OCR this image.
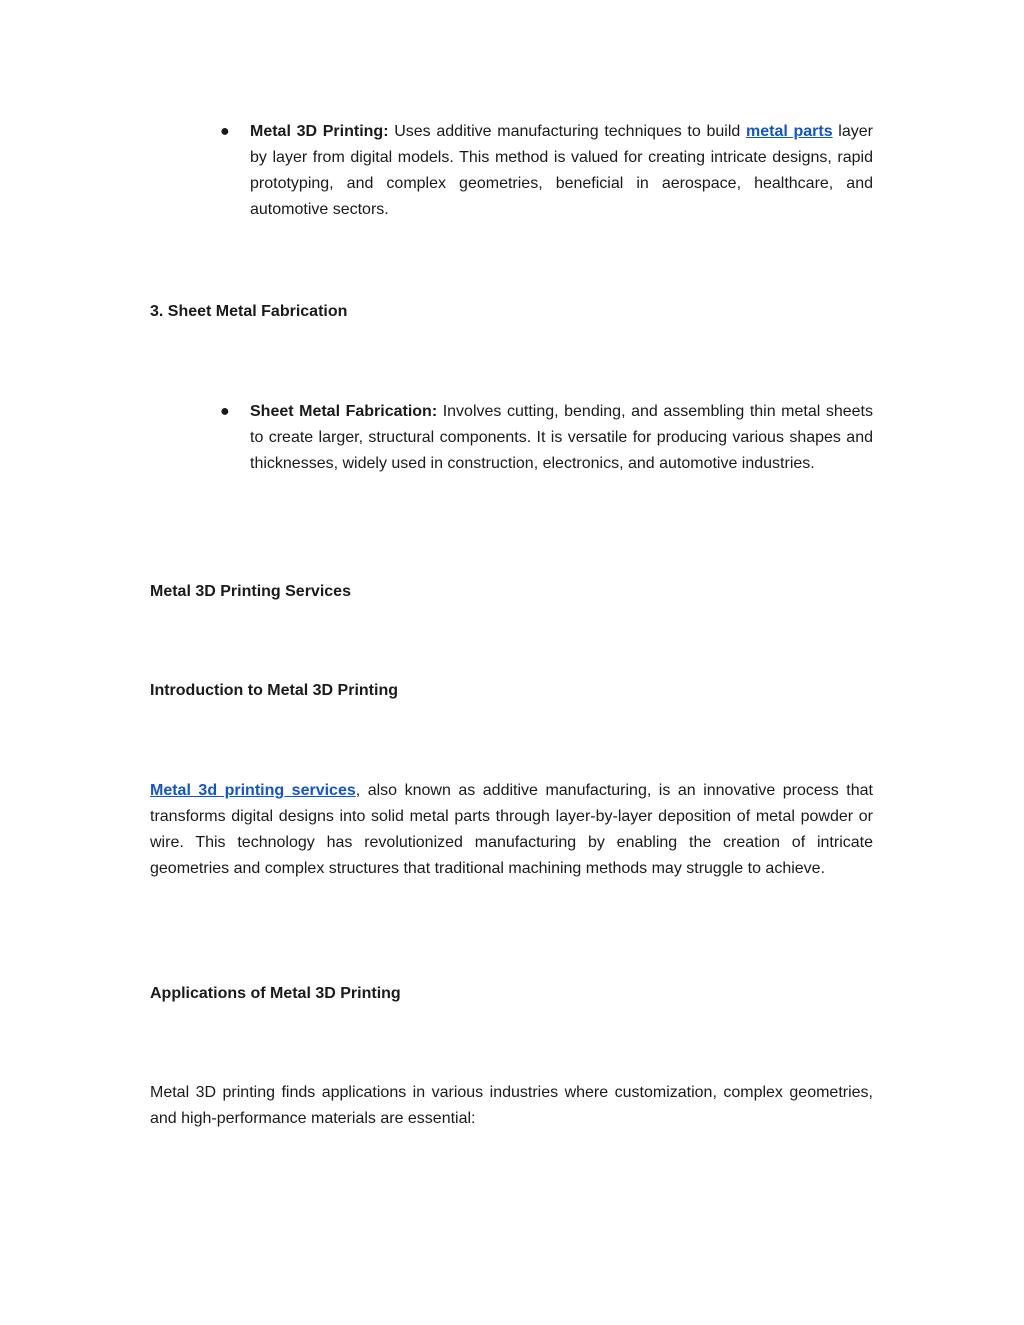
● Metal 3D Printing: Uses additive manufacturing techniques to build metal parts layer by layer from digital models. This method is valued for creating intricate designs, rapid prototyping, and complex geometries, beneficial in aerospace, healthcare, and automotive sectors.

3. Sheet Metal Fabrication

● Sheet Metal Fabrication: Involves cutting, bending, and assembling thin metal sheets to create larger, structural components. It is versatile for producing various shapes and thicknesses, widely used in construction, electronics, and automotive industries.

Metal 3D Printing Services

Introduction to Metal 3D Printing

Metal 3d printing services, also known as additive manufacturing, is an innovative process that transforms digital designs into solid metal parts through layer-by-layer deposition of metal powder or wire. This technology has revolutionized manufacturing by enabling the creation of intricate geometries and complex structures that traditional machining methods may struggle to achieve.

Applications of Metal 3D Printing

Metal 3D printing finds applications in various industries where customization, complex geometries, and high-performance materials are essential:
